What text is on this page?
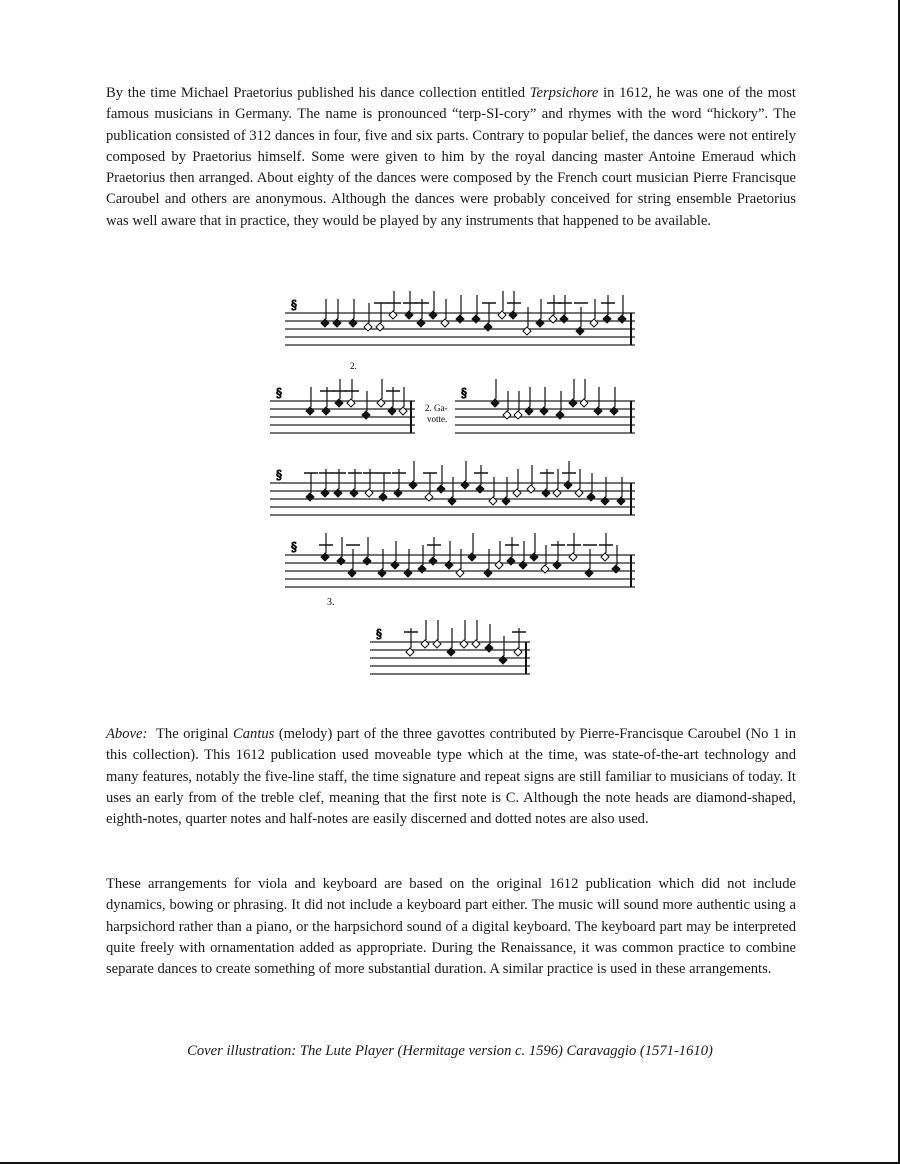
By the time Michael Praetorius published his dance collection entitled Terpsichore in 1612, he was one of the most famous musicians in Germany. The name is pronounced “terp-SI-cory” and rhymes with the word “hickory”. The publication consisted of 312 dances in four, five and six parts. Contrary to popular belief, the dances were not entirely composed by Praetorius himself. Some were given to him by the royal dancing master Antoine Emeraud which Praetorius then arranged. About eighty of the dances were composed by the French court musician Pierre Francisque Caroubel and others are anonymous. Although the dances were probably conceived for string ensemble Praetorius was well aware that in practice, they would be played by any instruments that happened to be available.

§
§	§
§
§
§
2.
2. Ga-
votte.
3.

Above:  The original Cantus (melody) part of the three gavottes contributed by Pierre-Francisque Caroubel (No 1 in this collection). This 1612 publication used moveable type which at the time, was state-of-the-art technology and many features, notably the five-line staff, the time signature and repeat signs are still familiar to musicians of today. It uses an early from of the treble clef, meaning that the first note is C. Although the note heads are diamond-shaped, eighth-notes, quarter notes and half-notes are easily discerned and dotted notes are also used.

These arrangements for viola and keyboard are based on the original 1612 publication which did not include dynamics, bowing or phrasing. It did not include a keyboard part either. The music will sound more authentic using a harpsichord rather than a piano, or the harpsichord sound of a digital keyboard. The keyboard part may be interpreted quite freely with ornamentation added as appropriate. During the Renaissance, it was common practice to combine separate dances to create something of more substantial duration. A similar practice is used in these arrangements.

Cover illustration: The Lute Player (Hermitage version c. 1596) Caravaggio (1571-1610)
